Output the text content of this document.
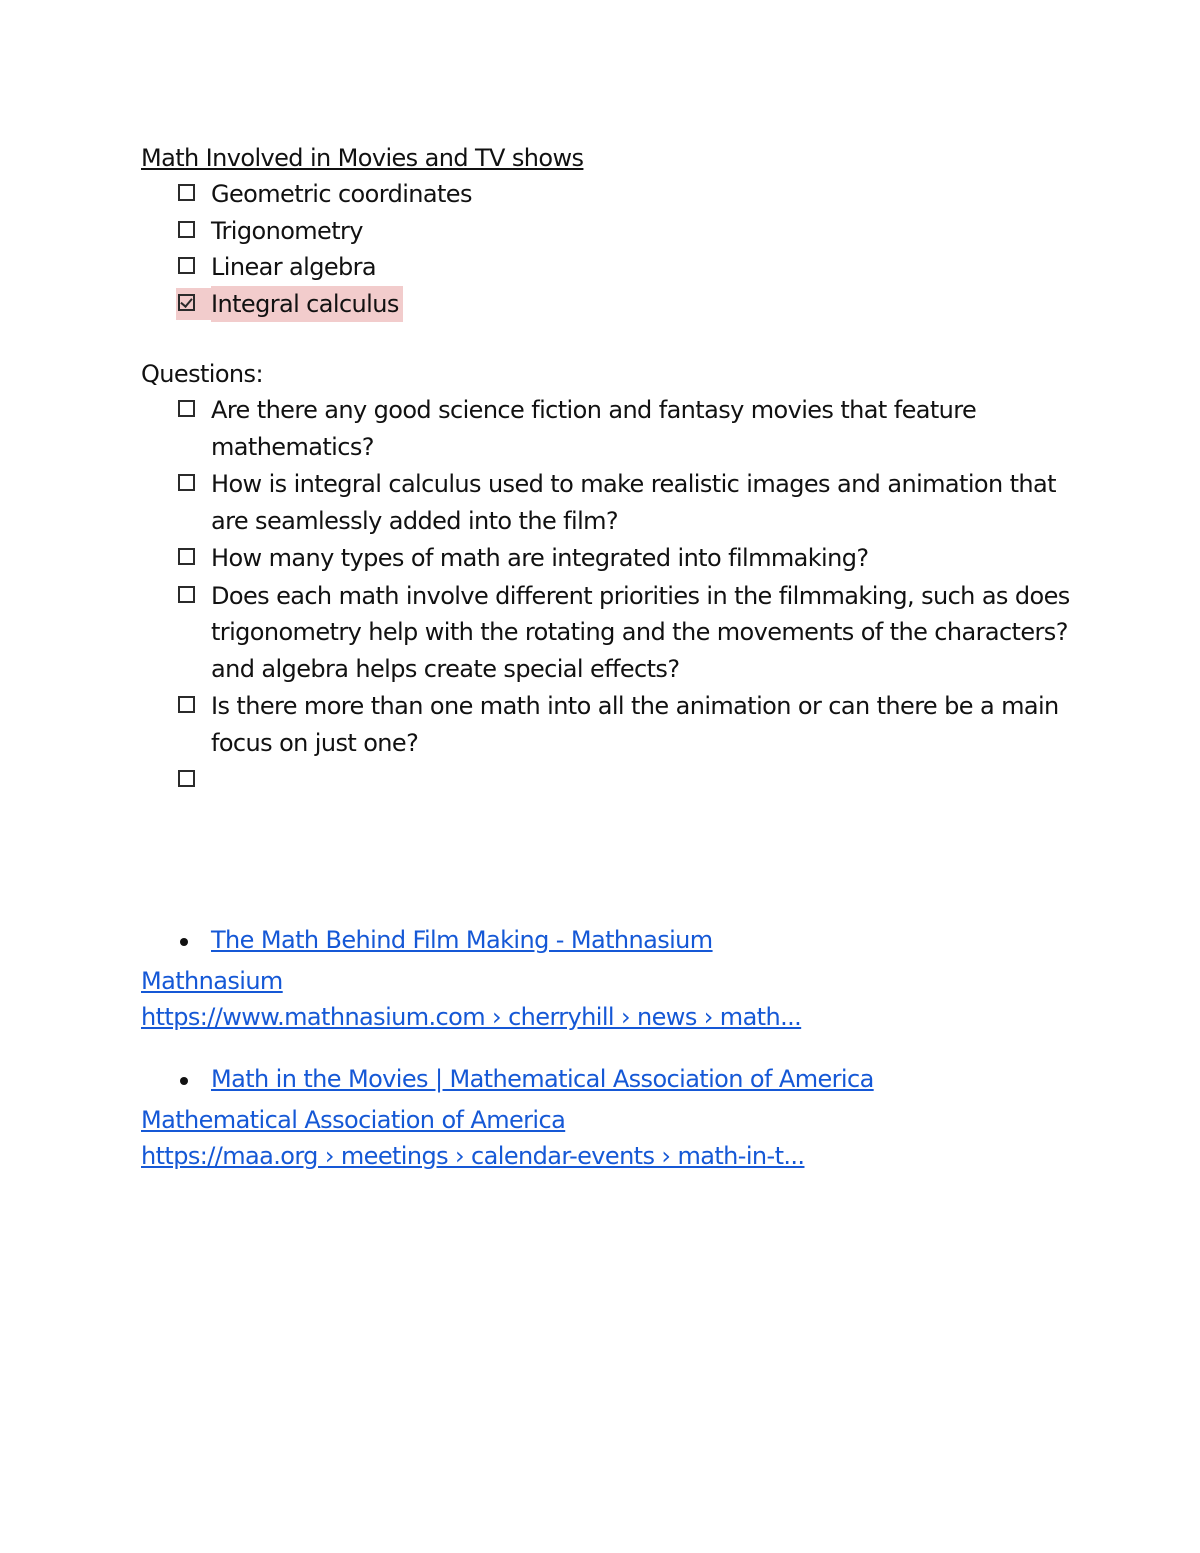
Math Involved in Movies and TV shows

Geometric coordinates
Trigonometry
Linear algebra
Integral calculus

Questions:

Are there any good science fiction and fantasy movies that feature mathematics?
How is integral calculus used to make realistic images and animation that are seamlessly added into the film?
How many types of math are integrated into filmmaking?
Does each math involve different priorities in the filmmaking, such as does trigonometry help with the rotating and the movements of the characters? and algebra helps create special effects?
Is there more than one math into all the animation or can there be a main focus on just one?

The Math Behind Film Making - Mathnasium

Mathnasium

https://www.mathnasium.com › cherryhill › news › math...

Math in the Movies | Mathematical Association of America

Mathematical Association of America

https://maa.org › meetings › calendar-events › math-in-t...
